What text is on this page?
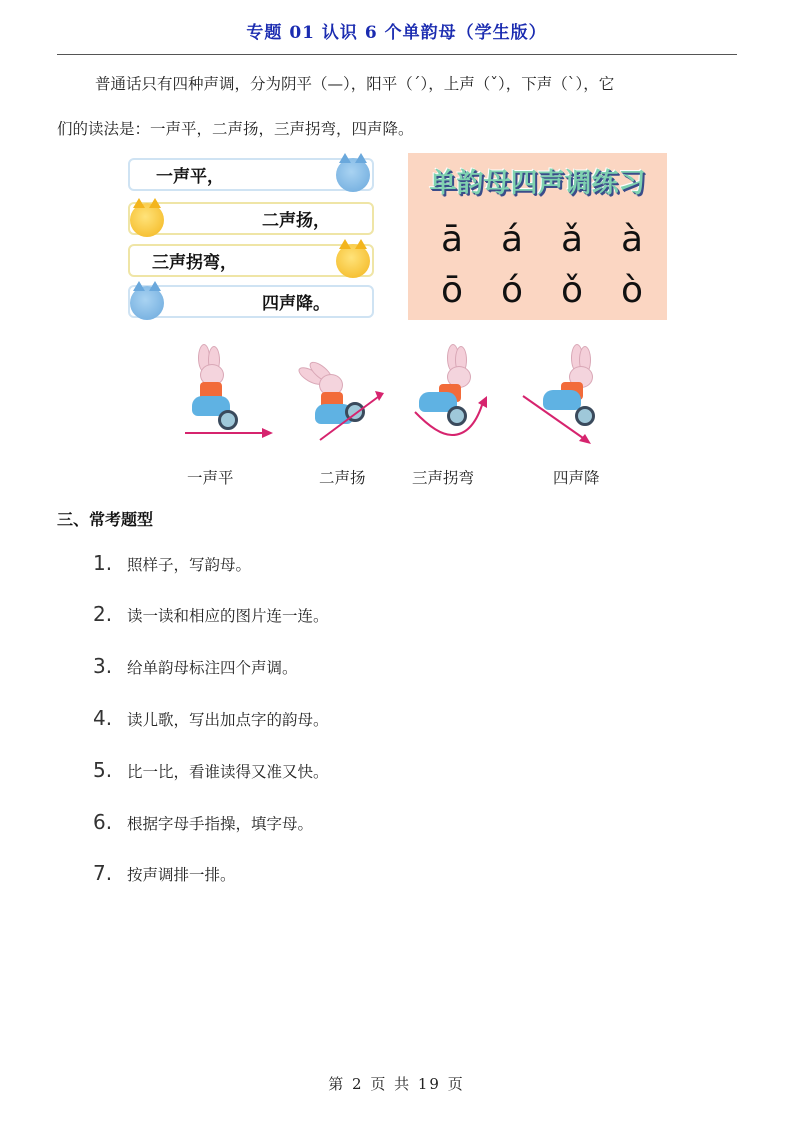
专题 01 认识 6 个单韵母（学生版）
普通话只有四种声调，分为阴平（—），阳平（ˊ），上声（ˇ），下声（ˋ），它
们的读法是：一声平，二声扬，三声拐弯，四声降。
一声平，
二声扬，
三声拐弯，
四声降。
单韵母四声调练习
ā á ǎ à
ō ó ǒ ò
一声平	二声扬	三声拐弯	四声降
三、常考题型
1. 照样子，写韵母。
2. 读一读和相应的图片连一连。
3. 给单韵母标注四个声调。
4. 读儿歌，写出加点字的韵母。
5. 比一比，看谁读得又准又快。
6. 根据字母手指操，填字母。
7. 按声调排一排。
第 2 页 共 19 页
